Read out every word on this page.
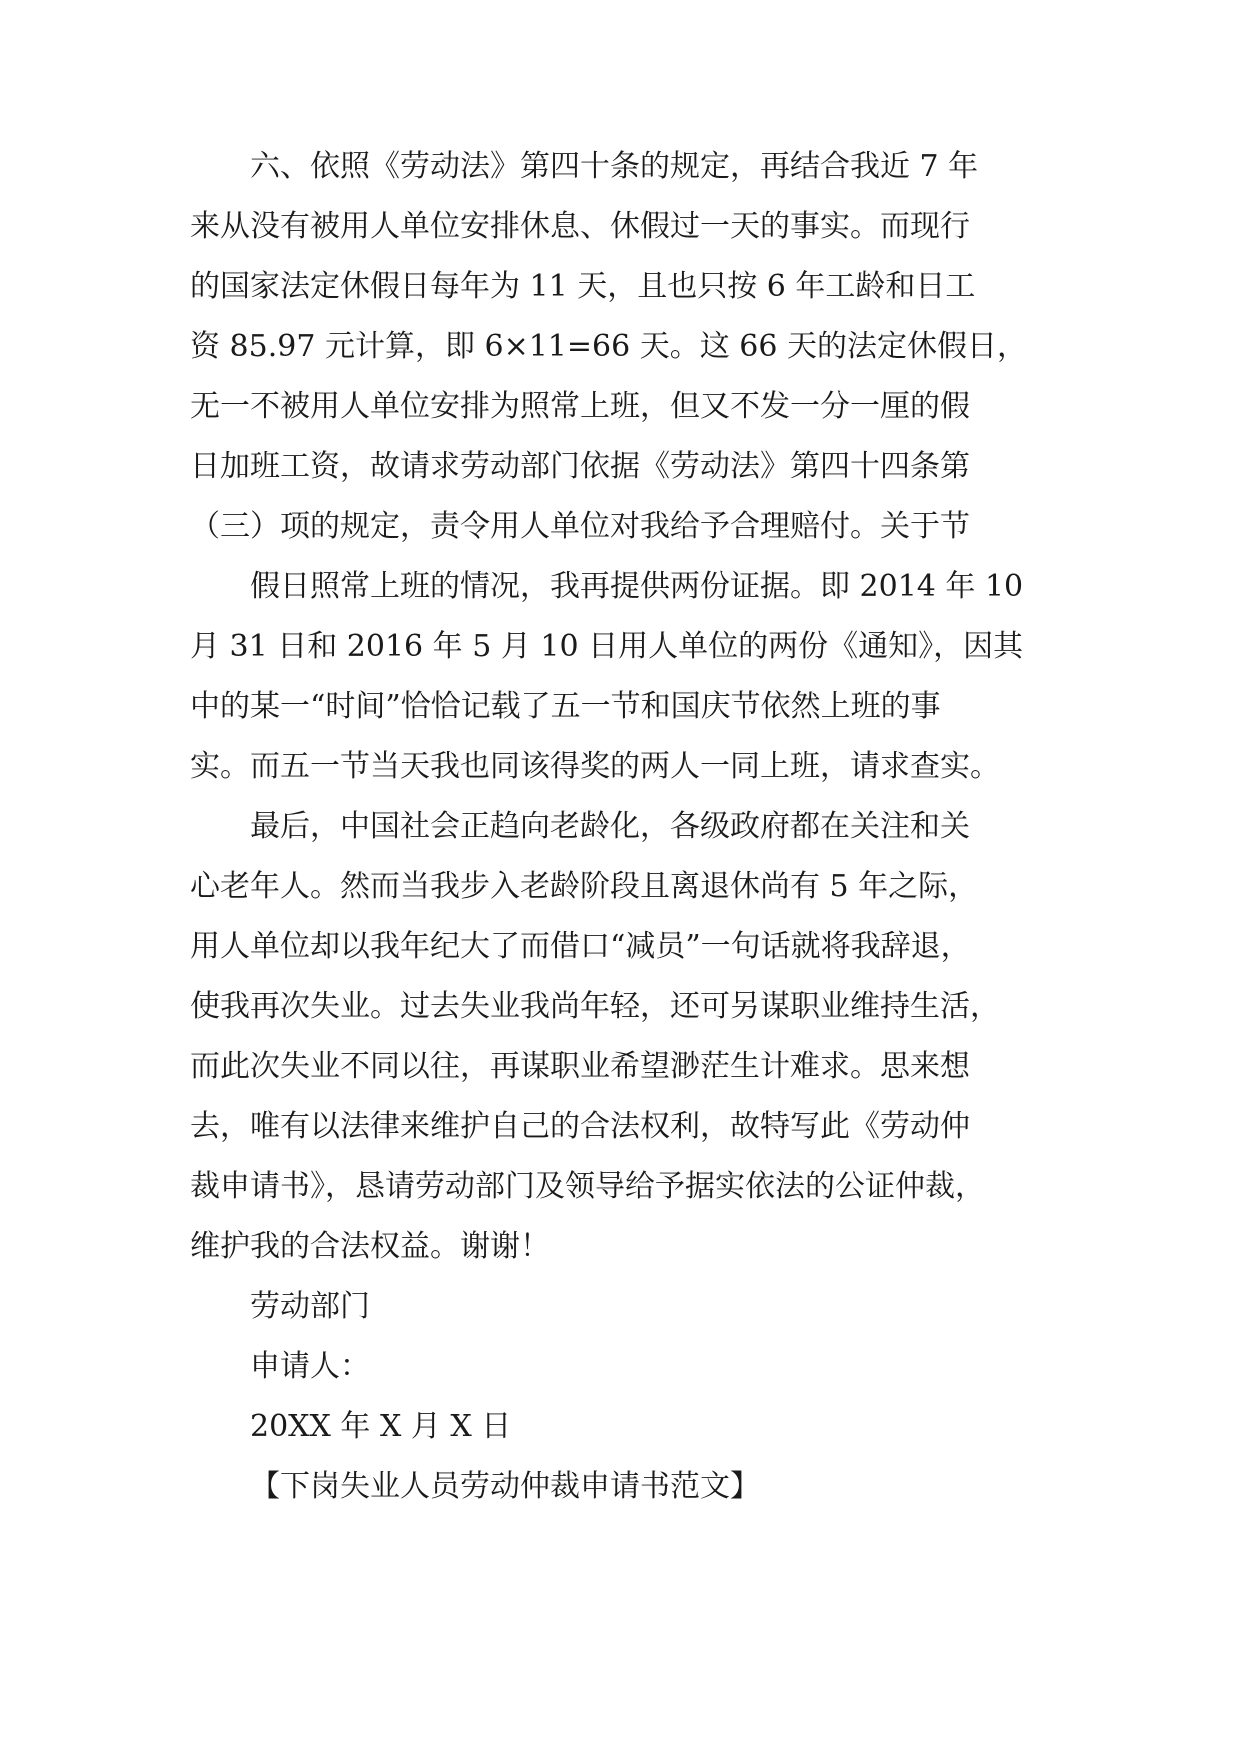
六、依照《劳动法》第四十条的规定，再结合我近 7 年
来从没有被用人单位安排休息、休假过一天的事实。而现行
的国家法定休假日每年为 11 天，且也只按 6 年工龄和日工
资 85.97 元计算，即 6×11=66 天。这 66 天的法定休假日，
无一不被用人单位安排为照常上班，但又不发一分一厘的假
日加班工资，故请求劳动部门依据《劳动法》第四十四条第
（三）项的规定，责令用人单位对我给予合理赔付。关于节
假日照常上班的情况，我再提供两份证据。即 2014 年 10
月 31 日和 2016 年 5 月 10 日用人单位的两份《通知》，因其
中的某一“时间”恰恰记载了五一节和国庆节依然上班的事
实。而五一节当天我也同该得奖的两人一同上班，请求查实。
最后，中国社会正趋向老龄化，各级政府都在关注和关
心老年人。然而当我步入老龄阶段且离退休尚有 5 年之际，
用人单位却以我年纪大了而借口“减员”一句话就将我辞退，
使我再次失业。过去失业我尚年轻，还可另谋职业维持生活，
而此次失业不同以往，再谋职业希望渺茫生计难求。思来想
去，唯有以法律来维护自己的合法权利，故特写此《劳动仲
裁申请书》，恳请劳动部门及领导给予据实依法的公证仲裁，
维护我的合法权益。谢谢！
劳动部门
申请人：
20XX 年 X 月 X 日
【下岗失业人员劳动仲裁申请书范文】
